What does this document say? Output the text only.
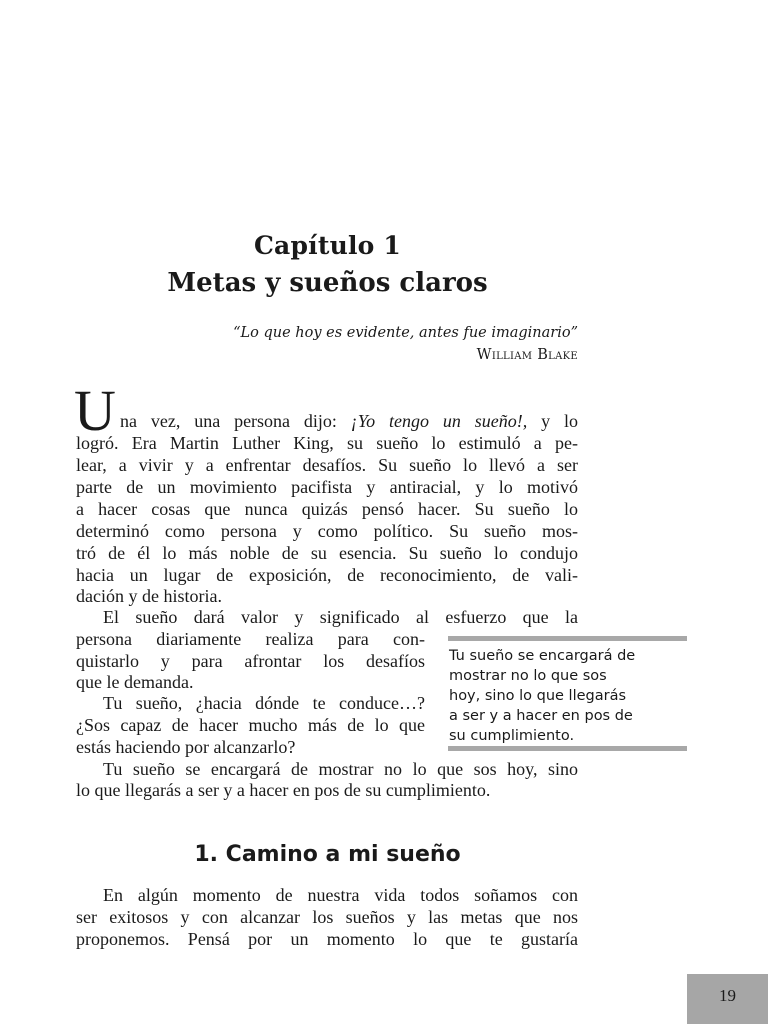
Capítulo 1
Metas y sueños claros
“Lo que hoy es evidente, antes fue imaginario”
William Blake
U na vez, una persona dijo: ¡Yo tengo un sueño!, y lo
logró. Era Martin Luther King, su sueño lo estimuló a pe-
lear, a vivir y a enfrentar desafíos. Su sueño lo llevó a ser
parte de un movimiento pacifista y antiracial, y lo motivó
a hacer cosas que nunca quizás pensó hacer. Su sueño lo
determinó como persona y como político. Su sueño mos-
tró de él lo más noble de su esencia. Su sueño lo condujo
hacia un lugar de exposición, de reconocimiento, de vali-
dación y de historia.
El sueño dará valor y significado al esfuerzo que la
persona diariamente realiza para con-
quistarlo y para afrontar los desafíos
que le demanda.
Tu sueño, ¿hacia dónde te conduce…?
¿Sos capaz de hacer mucho más de lo que
estás haciendo por alcanzarlo?
Tu sueño se encargará de mostrar no lo que sos hoy, sino
lo que llegarás a ser y a hacer en pos de su cumplimiento.
Tu sueño se encargará de
mostrar no lo que sos
hoy, sino lo que llegarás
a ser y a hacer en pos de
su cumplimiento.
1. Camino a mi sueño
En algún momento de nuestra vida todos soñamos con
ser exitosos y con alcanzar los sueños y las metas que nos
proponemos. Pensá por un momento lo que te gustaría
19
